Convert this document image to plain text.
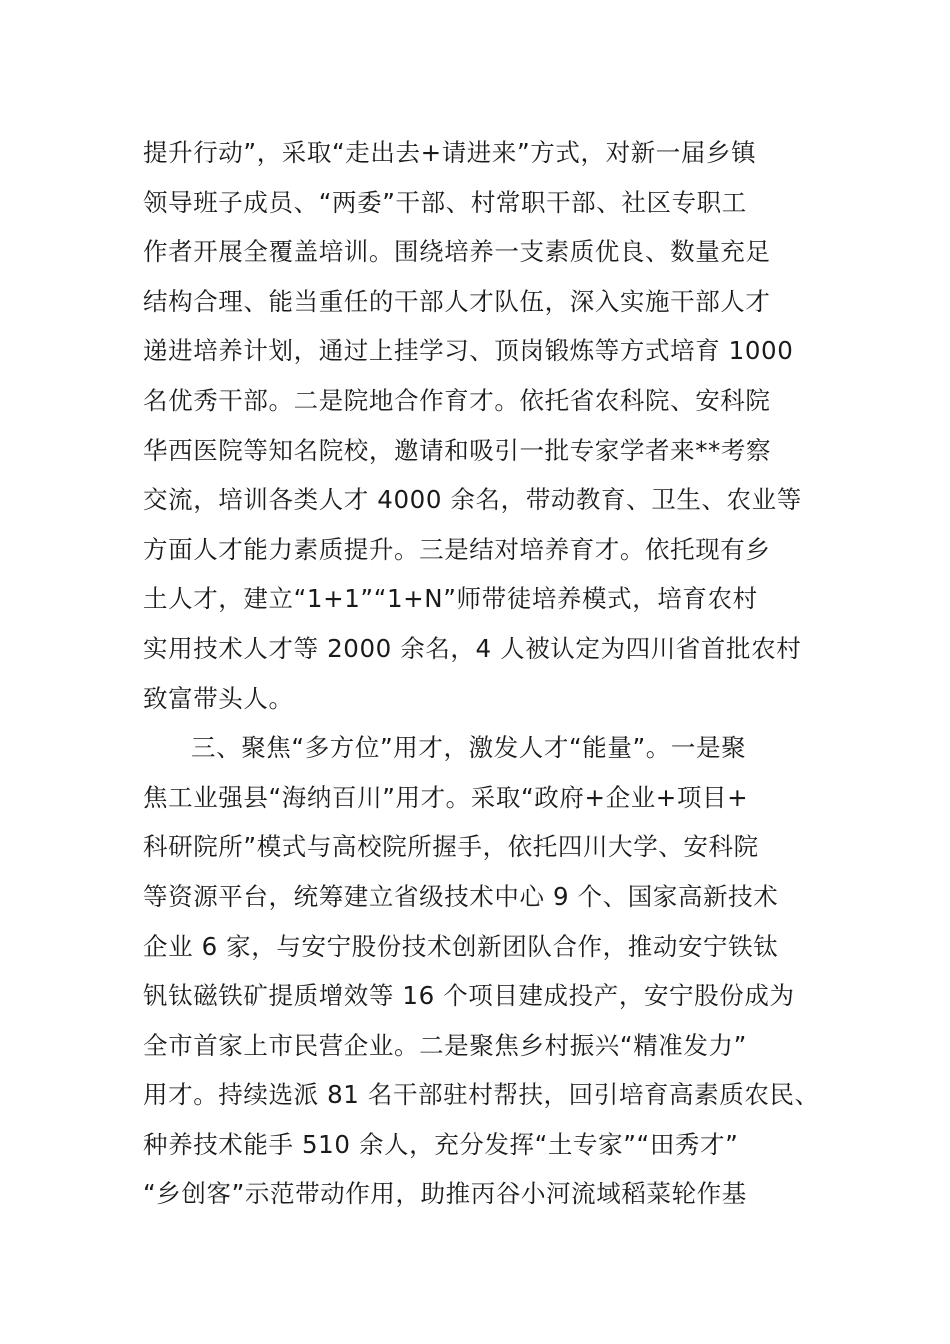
提升行动”，采取“走出去+请进来”方式，对新一届乡镇
领导班子成员、“两委”干部、村常职干部、社区专职工
作者开展全覆盖培训。围绕培养一支素质优良、数量充足
结构合理、能当重任的干部人才队伍，深入实施干部人才
递进培养计划，通过上挂学习、顶岗锻炼等方式培育 1000
名优秀干部。二是院地合作育才。依托省农科院、安科院
华西医院等知名院校，邀请和吸引一批专家学者来**考察
交流，培训各类人才 4000 余名，带动教育、卫生、农业等
方面人才能力素质提升。三是结对培养育才。依托现有乡
土人才，建立“1+1”“1+N”师带徒培养模式，培育农村
实用技术人才等 2000 余名，4 人被认定为四川省首批农村
致富带头人。
三、聚焦“多方位”用才，激发人才“能量”。一是聚
焦工业强县“海纳百川”用才。采取“政府+企业+项目+
科研院所”模式与高校院所握手，依托四川大学、安科院
等资源平台，统筹建立省级技术中心 9 个、国家高新技术
企业 6 家，与安宁股份技术创新团队合作，推动安宁铁钛
钒钛磁铁矿提质增效等 16 个项目建成投产，安宁股份成为
全市首家上市民营企业。二是聚焦乡村振兴“精准发力”
用才。持续选派 81 名干部驻村帮扶，回引培育高素质农民、
种养技术能手 510 余人，充分发挥“土专家”“田秀才”
“乡创客”示范带动作用，助推丙谷小河流域稻菜轮作基
